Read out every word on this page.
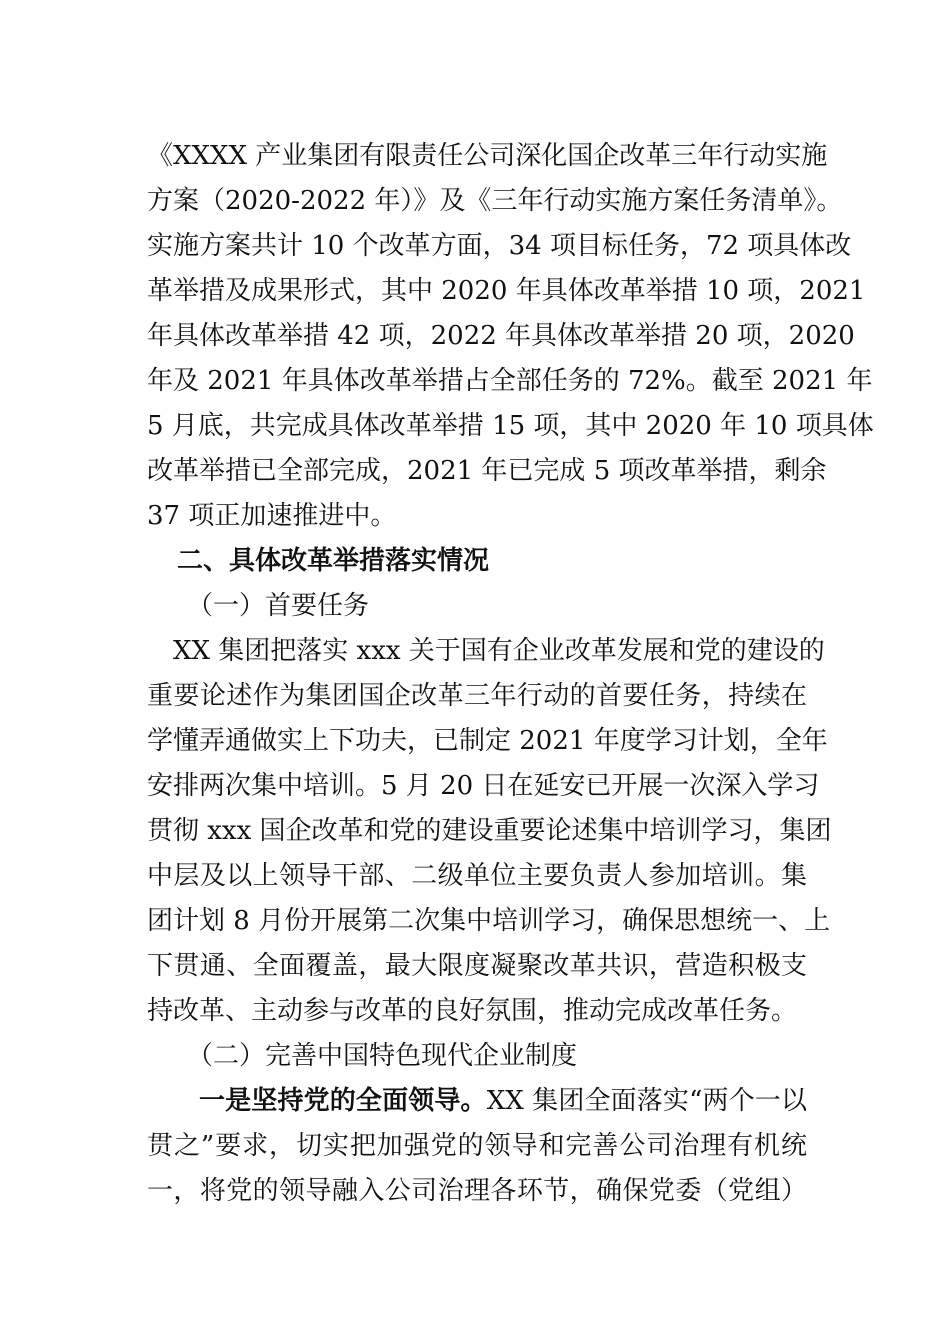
《XXXX 产业集团有限责任公司深化国企改革三年行动实施
方案（2020-2022 年）》及《三年行动实施方案任务清单》。
实施方案共计 10 个改革方面，34 项目标任务，72 项具体改
革举措及成果形式，其中 2020 年具体改革举措 10 项，2021
年具体改革举措 42 项，2022 年具体改革举措 20 项，2020
年及 2021 年具体改革举措占全部任务的 72%。截至 2021 年
5 月底，共完成具体改革举措 15 项，其中 2020 年 10 项具体
改革举措已全部完成，2021 年已完成 5 项改革举措，剩余
37 项正加速推进中。
二、具体改革举措落实情况
（一）首要任务
XX 集团把落实 xxx 关于国有企业改革发展和党的建设的
重要论述作为集团国企改革三年行动的首要任务，持续在
学懂弄通做实上下功夫，已制定 2021 年度学习计划，全年
安排两次集中培训。5 月 20 日在延安已开展一次深入学习
贯彻 xxx 国企改革和党的建设重要论述集中培训学习，集团
中层及以上领导干部、二级单位主要负责人参加培训。集
团计划 8 月份开展第二次集中培训学习，确保思想统一、上
下贯通、全面覆盖，最大限度凝聚改革共识，营造积极支
持改革、主动参与改革的良好氛围，推动完成改革任务。
（二）完善中国特色现代企业制度
一是坚持党的全面领导。XX 集团全面落实“两个一以
贯之”要求，切实把加强党的领导和完善公司治理有机统
一，将党的领导融入公司治理各环节，确保党委（党组）
